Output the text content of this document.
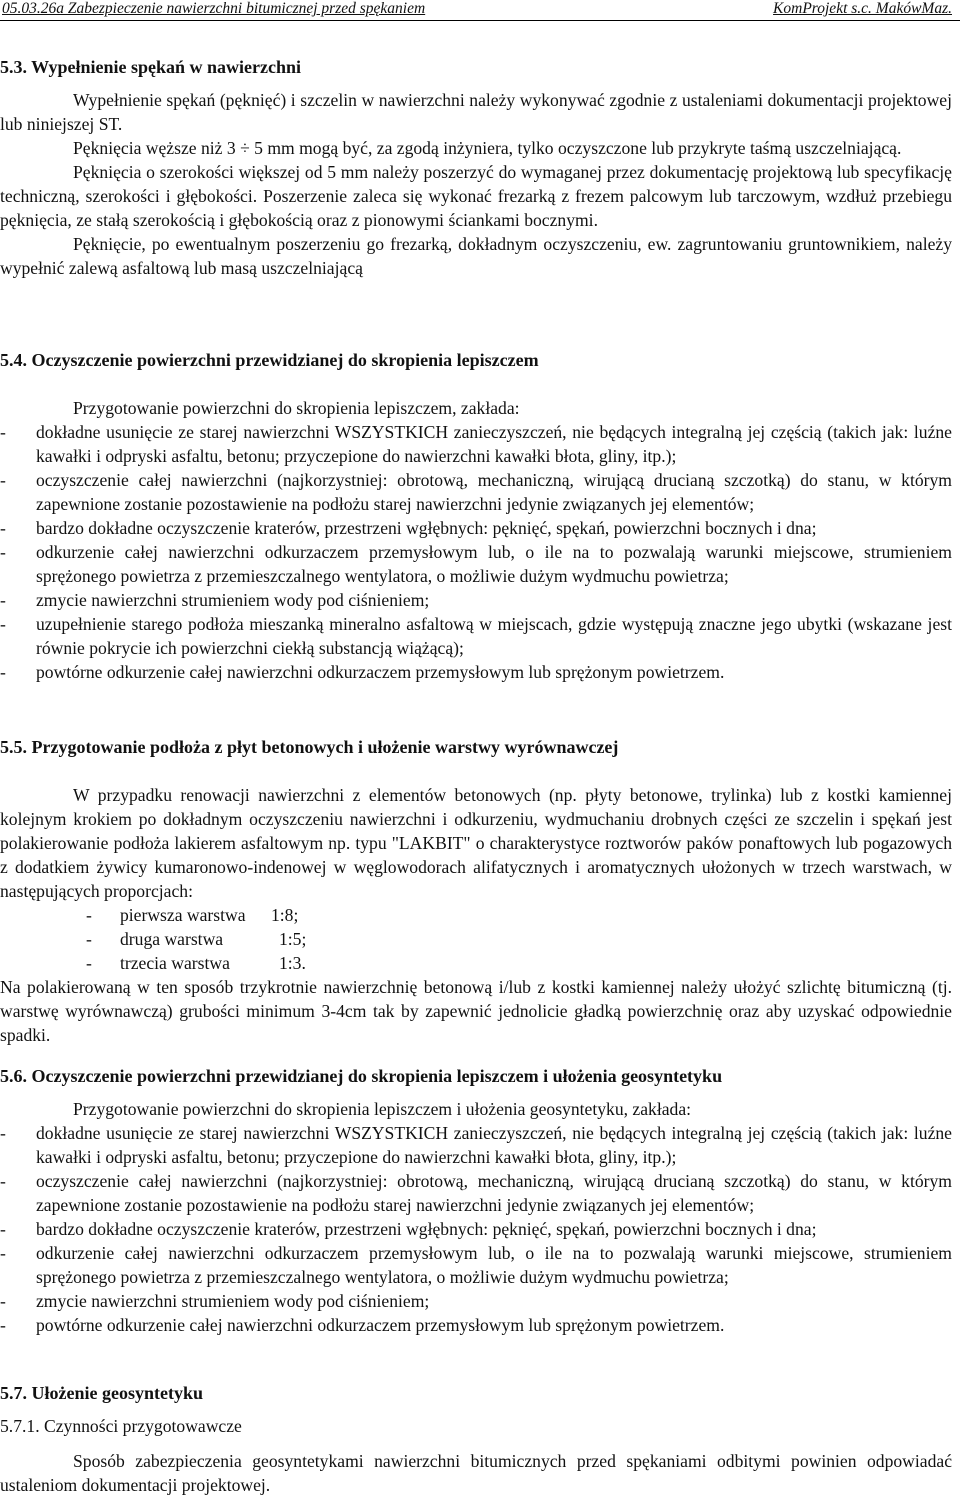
05.03.26a Zabezpieczenie nawierzchni bitumicznej przed spękaniem	KomProjekt s.c. MakówMaz.
5.3. Wypełnienie spękań w nawierzchni

Wypełnienie spękań (pęknięć) i szczelin w nawierzchni należy wykonywać zgodnie z ustaleniami dokumentacji projektowej lub niniejszej ST.

Pęknięcia węższe niż 3 ÷ 5 mm mogą być, za zgodą inżyniera, tylko oczyszczone lub przykryte taśmą uszczelniającą.

Pęknięcia o szerokości większej od 5 mm należy poszerzyć do wymaganej przez dokumentację projektową lub specyfikację techniczną, szerokości i głębokości. Poszerzenie zaleca się wykonać frezarką z frezem palcowym lub tarczowym, wzdłuż przebiegu pęknięcia, ze stałą szerokością i głębokością oraz z pionowymi ściankami bocznymi.

Pęknięcie, po ewentualnym poszerzeniu go frezarką, dokładnym oczyszczeniu, ew. zagruntowaniu gruntownikiem, należy wypełnić zalewą asfaltową lub masą uszczelniającą

5.4. Oczyszczenie powierzchni przewidzianej do skropienia lepiszczem

Przygotowanie powierzchni do skropienia lepiszczem, zakłada:

- dokładne usunięcie ze starej nawierzchni WSZYSTKICH zanieczyszczeń, nie będących integralną jej częścią (takich jak: luźne kawałki i odpryski asfaltu, betonu; przyczepione do nawierzchni kawałki błota, gliny, itp.);
- oczyszczenie całej nawierzchni (najkorzystniej: obrotową, mechaniczną, wirującą drucianą szczotką) do stanu, w którym zapewnione zostanie pozostawienie na podłożu starej nawierzchni jedynie związanych jej elementów;
- bardzo dokładne oczyszczenie kraterów, przestrzeni wgłębnych: pęknięć, spękań, powierzchni bocznych i dna;
- odkurzenie całej nawierzchni odkurzaczem przemysłowym lub, o ile na to pozwalają warunki miejscowe, strumieniem sprężonego powietrza z przemieszczalnego wentylatora, o możliwie dużym wydmuchu powietrza;
- zmycie nawierzchni strumieniem wody pod ciśnieniem;
- uzupełnienie starego podłoża mieszanką mineralno asfaltową w miejscach, gdzie występują znaczne jego ubytki (wskazane jest równie pokrycie ich powierzchni ciekłą substancją wiążącą);
- powtórne odkurzenie całej nawierzchni odkurzaczem przemysłowym lub sprężonym powietrzem.
5.5. Przygotowanie podłoża z płyt betonowych i ułożenie warstwy wyrównawczej

W przypadku renowacji nawierzchni z elementów betonowych (np. płyty betonowe, trylinka) lub z kostki kamiennej kolejnym krokiem po dokładnym oczyszczeniu nawierzchni i odkurzeniu, wydmuchaniu drobnych części ze szczelin i spękań jest polakierowanie podłoża lakierem asfaltowym np. typu "LAKBIT" o charakterystyce roztworów paków ponaftowych lub pogazowych z dodatkiem żywicy kumaronowo-indenowej w węglowodorach alifatycznych i aromatycznych ułożonych w trzech warstwach, w następujących proporcjach:

- pierwsza warstwa 1:8;
- druga warstwa	1:5;
- trzecia warstwa	1:3.

Na polakierowaną w ten sposób trzykrotnie nawierzchnię betonową i/lub z kostki kamiennej należy ułożyć szlichtę bitumiczną (tj. warstwę wyrównawczą) grubości minimum 3-4cm tak by zapewnić jednolicie gładką powierzchnię oraz aby uzyskać odpowiednie spadki.

5.6. Oczyszczenie powierzchni przewidzianej do skropienia lepiszczem i ułożenia geosyntetyku

Przygotowanie powierzchni do skropienia lepiszczem i ułożenia geosyntetyku, zakłada:

- dokładne usunięcie ze starej nawierzchni WSZYSTKICH zanieczyszczeń, nie będących integralną jej częścią (takich jak: luźne kawałki i odpryski asfaltu, betonu; przyczepione do nawierzchni kawałki błota, gliny, itp.);
- oczyszczenie całej nawierzchni (najkorzystniej: obrotową, mechaniczną, wirującą drucianą szczotką) do stanu, w którym zapewnione zostanie pozostawienie na podłożu starej nawierzchni jedynie związanych jej elementów;
- bardzo dokładne oczyszczenie kraterów, przestrzeni wgłębnych: pęknięć, spękań, powierzchni bocznych i dna;
- odkurzenie całej nawierzchni odkurzaczem przemysłowym lub, o ile na to pozwalają warunki miejscowe, strumieniem sprężonego powietrza z przemieszczalnego wentylatora, o możliwie dużym wydmuchu powietrza;
- zmycie nawierzchni strumieniem wody pod ciśnieniem;
- powtórne odkurzenie całej nawierzchni odkurzaczem przemysłowym lub sprężonym powietrzem.
5.7. Ułożenie geosyntetyku
5.7.1. Czynności przygotowawcze

Sposób zabezpieczenia geosyntetykami nawierzchni bitumicznych przed spękaniami odbitymi powinien odpowiadać ustaleniom dokumentacji projektowej.
